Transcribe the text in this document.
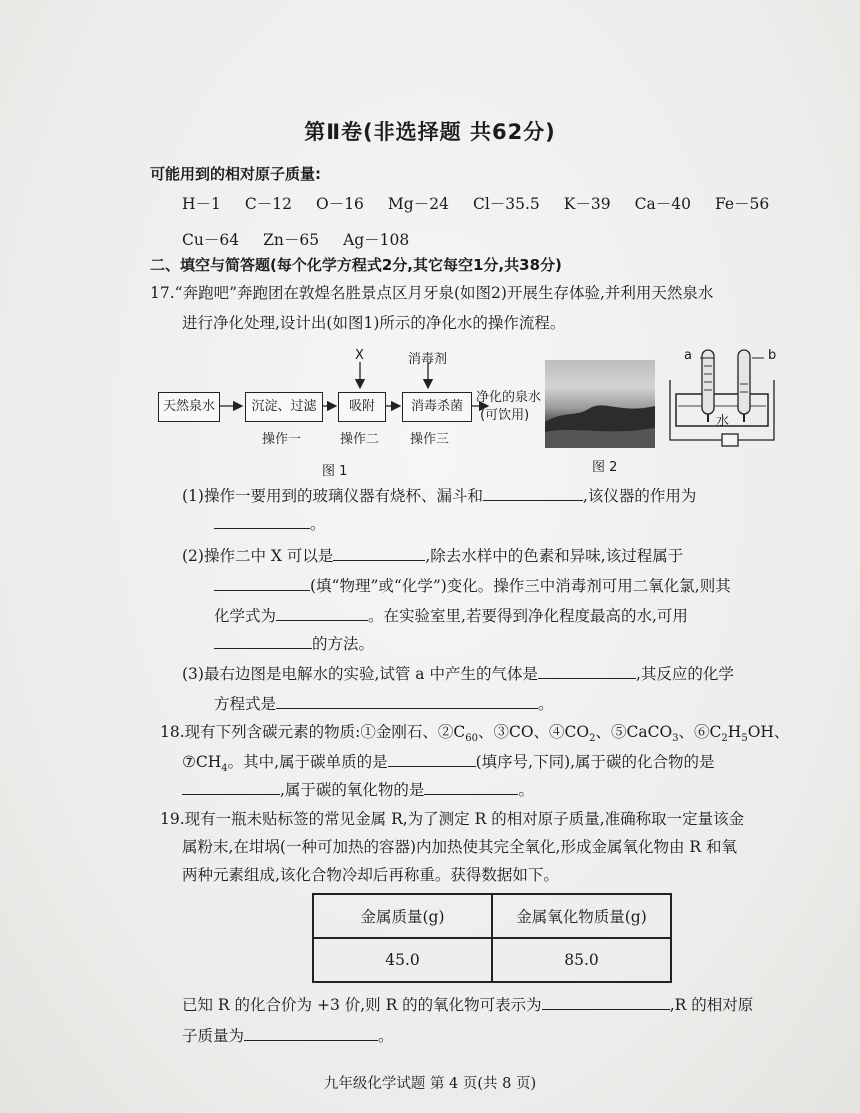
第Ⅱ卷(非选择题 共62分)
可能用到的相对原子质量:
H－1 C－12 O－16 Mg－24 Cl－35.5 K－39 Ca－40 Fe－56
Cu－64 Zn－65 Ag－108
二、填空与简答题(每个化学方程式2分,其它每空1分,共38分)
17.“奔跑吧”奔跑团在敦煌名胜景点区月牙泉(如图2)开展生存体验,并利用天然泉水
进行净化处理,设计出(如图1)所示的净化水的操作流程。
天然泉水	沉淀、过滤	吸附	消毒杀菌
X	消毒剂
净化的泉水
(可饮用)
操作一	操作二 操作三
图 1	图 2
a	b
水
(1)操作一要用到的玻璃仪器有烧杯、漏斗和	,该仪器的作用为
。
(2)操作二中 X 可以是	,除去水样中的色素和异味,该过程属于
(填“物理”或“化学”)变化。操作三中消毒剂可用二氧化氯,则其
化学式为	。在实验室里,若要得到净化程度最高的水,可用
的方法。
(3)最右边图是电解水的实验,试管 a 中产生的气体是	,其反应的化学
方程式是	。
18.现有下列含碳元素的物质:①金刚石、$②C_{60}$、③CO、$④CO_2$、⑤CaCO$_3$、$⑥C_2H_5OH$、
$⑦CH_4$。其中,属于碳单质的是	(填序号,下同),属于碳的化合物的是
,属于碳的氧化物的是	。
19.现有一瓶未贴标签的常见金属 R,为了测定 R 的相对原子质量,准确称取一定量该金
属粉末,在坩埚(一种可加热的容器)内加热使其完全氧化,形成金属氧化物由 R 和氧
两种元素组成,该化合物冷却后再称重。获得数据如下。
金属质量(g)	金属氧化物质量(g)
45.0	85.0
已知 R 的化合价为 +3 价,则 R 的的氧化物可表示为	,R 的相对原
子质量为	。
九年级化学试题 第 4 页(共 8 页)
